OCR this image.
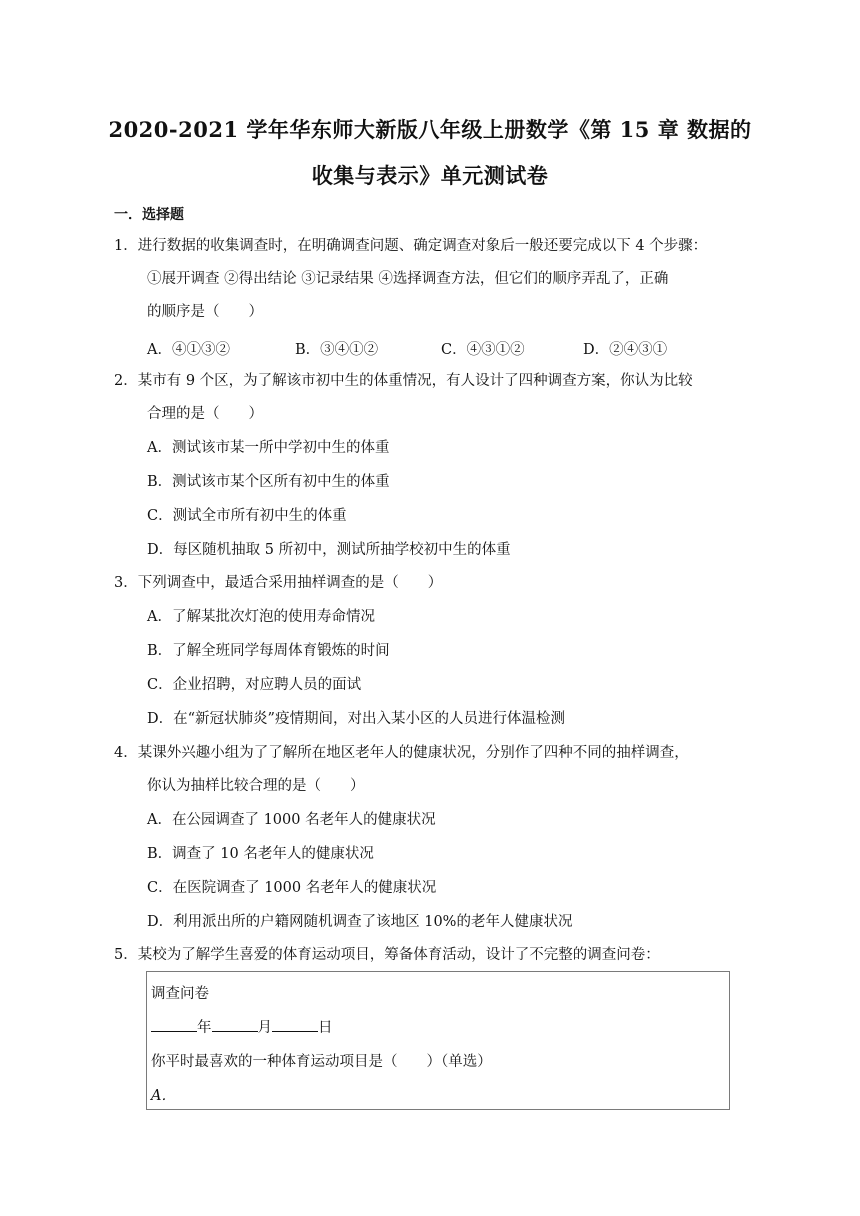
2020-2021 学年华东师大新版八年级上册数学《第 15 章 数据的
收集与表示》单元测试卷
一．选择题
1．进行数据的收集调查时，在明确调查问题、确定调查对象后一般还要完成以下 4 个步骤：
①展开调查 ②得出结论 ③记录结果 ④选择调查方法，但它们的顺序弄乱了，正确
的顺序是（　　）
A．④①③②	B．③④①②	C．④③①②	D．②④③①
2．某市有 9 个区，为了解该市初中生的体重情况，有人设计了四种调查方案，你认为比较
合理的是（　　）
A．测试该市某一所中学初中生的体重
B．测试该市某个区所有初中生的体重
C．测试全市所有初中生的体重
D．每区随机抽取 5 所初中，测试所抽学校初中生的体重
3．下列调查中，最适合采用抽样调查的是（　　）
A．了解某批次灯泡的使用寿命情况
B．了解全班同学每周体育锻炼的时间
C．企业招聘，对应聘人员的面试
D．在“新冠状肺炎”疫情期间，对出入某小区的人员进行体温检测
4．某课外兴趣小组为了了解所在地区老年人的健康状况，分别作了四种不同的抽样调查，
你认为抽样比较合理的是（　　）
A．在公园调查了 1000 名老年人的健康状况
B．调查了 10 名老年人的健康状况
C．在医院调查了 1000 名老年人的健康状况
D．利用派出所的户籍网随机调查了该地区 10%的老年人健康状况
5．某校为了解学生喜爱的体育运动项目，筹备体育活动，设计了不完整的调查问卷：
调查问卷
年	月	日
你平时最喜欢的一种体育运动项目是（　　）（单选）
A．
